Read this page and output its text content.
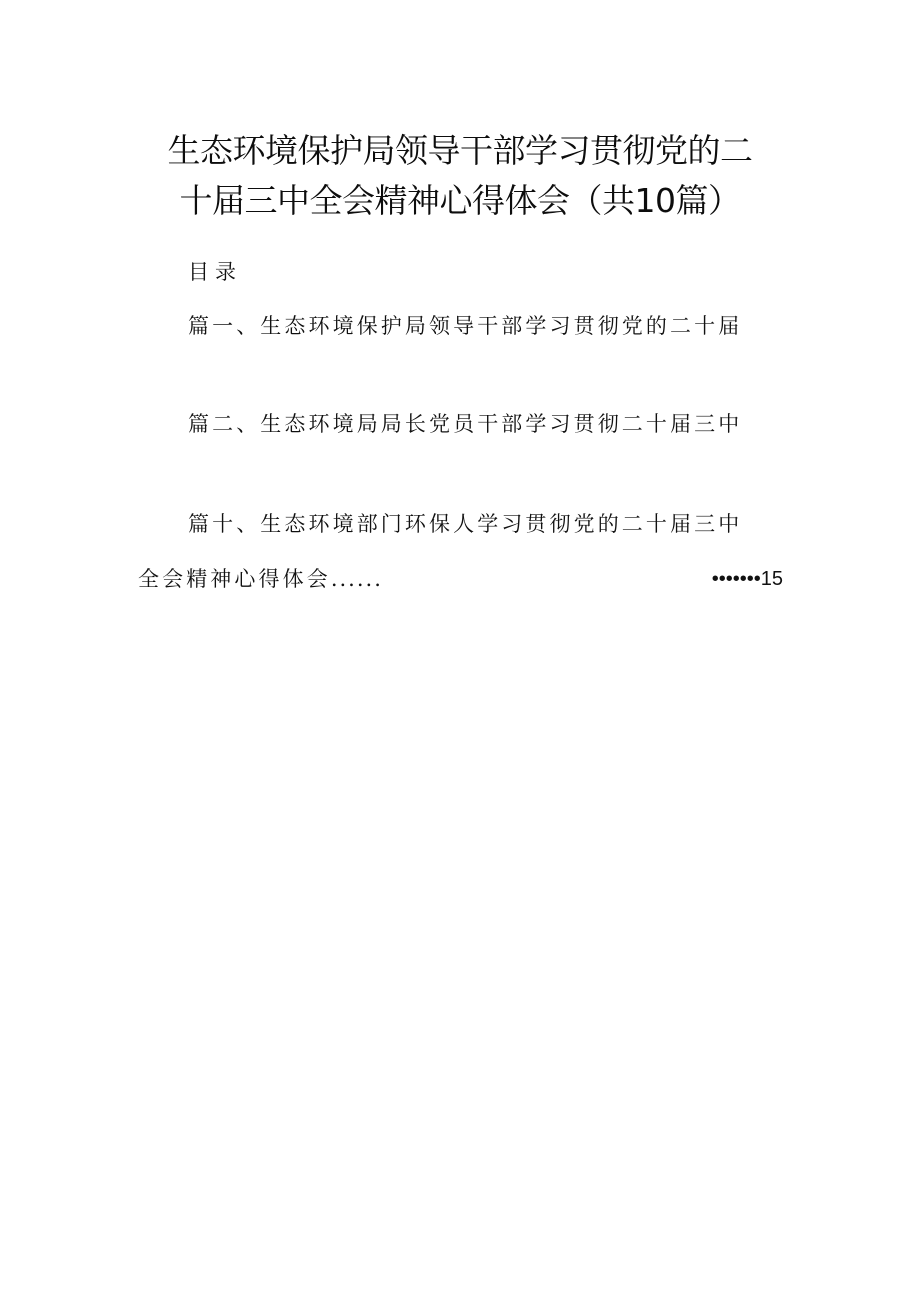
生态环境保护局领导干部学习贯彻党的二
十届三中全会精神心得体会（共10篇）
目录
篇一、生态环境保护局领导干部学习贯彻党的二十届
篇二、生态环境局局长党员干部学习贯彻二十届三中
篇十、生态环境部门环保人学习贯彻党的二十届三中
全会精神心得体会......	•••••••15
